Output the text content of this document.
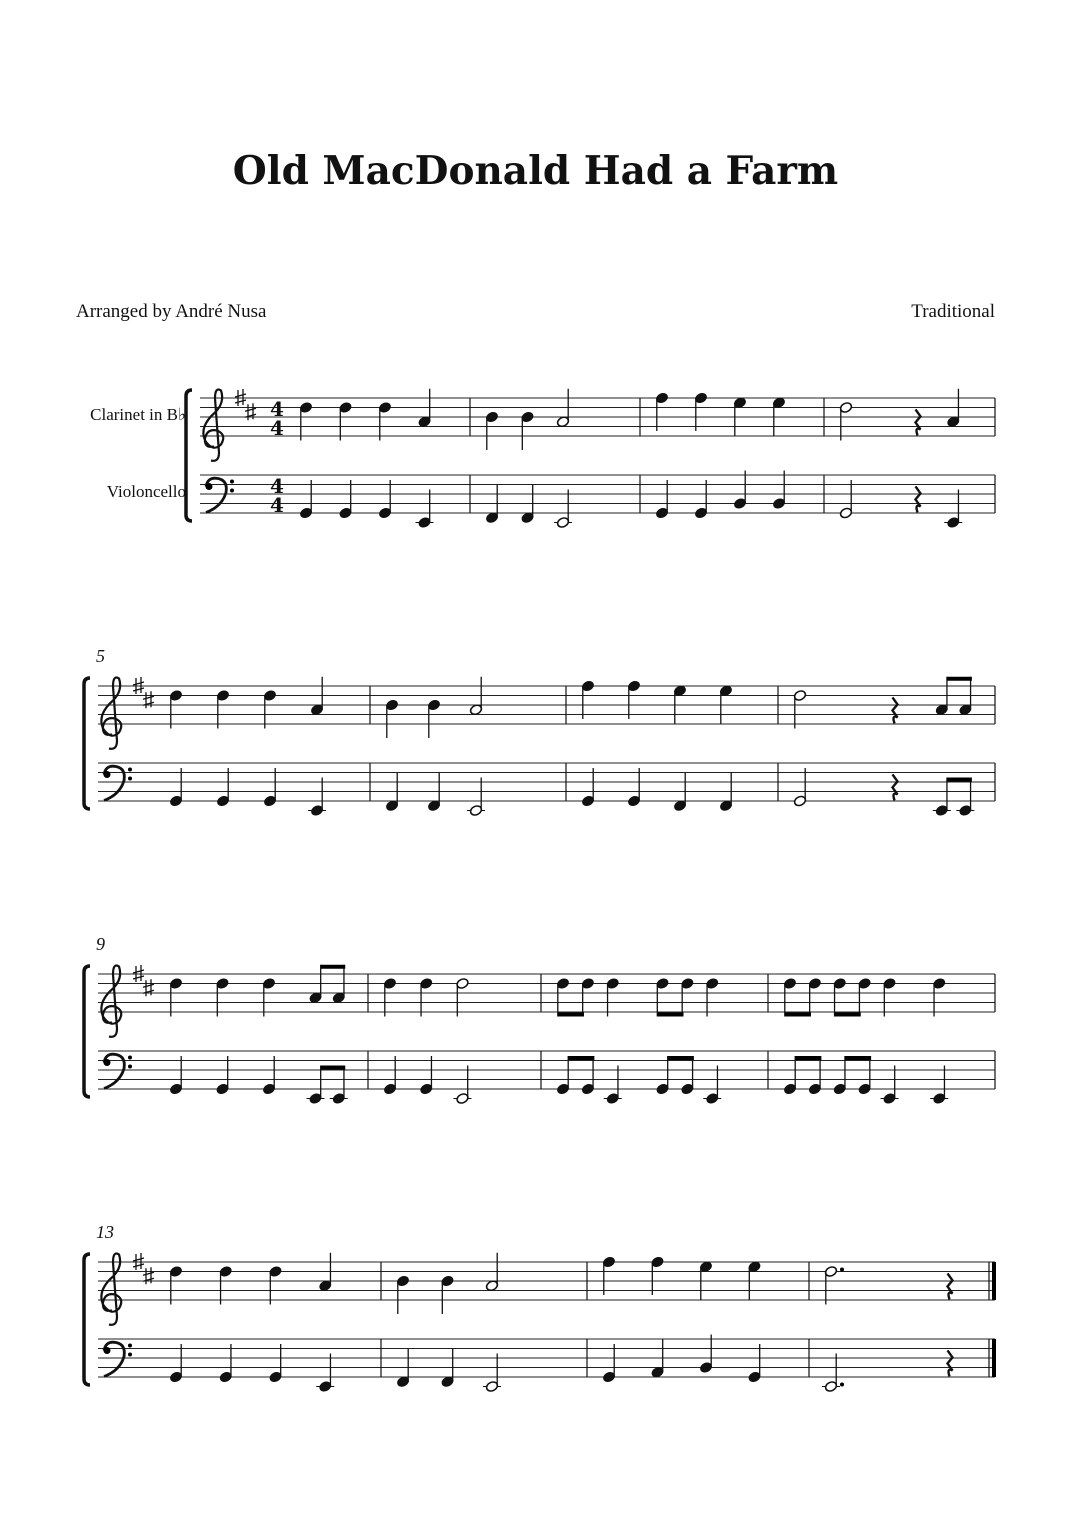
Old MacDonald Had a Farm
Arranged by André Nusa	Traditional
Clarinet in B♭
Violoncello
5
9
13
4
4
4
4
